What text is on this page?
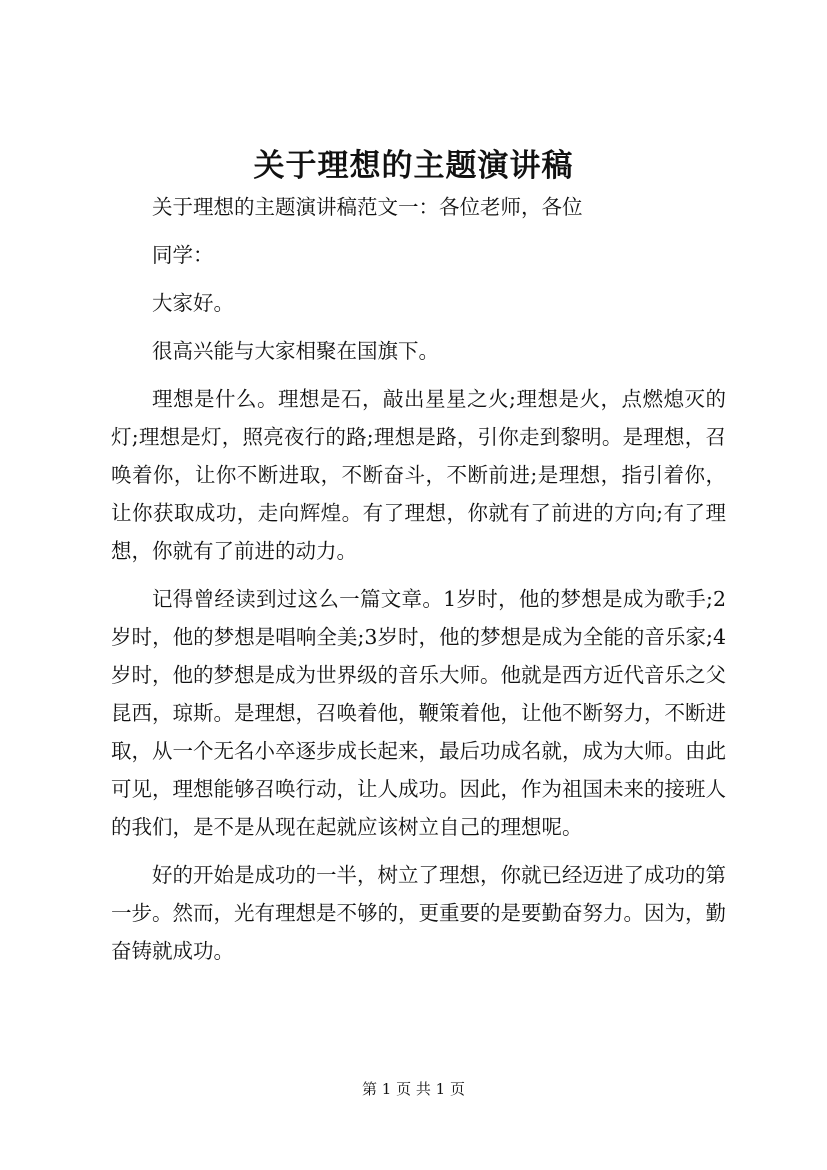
关于理想的主题演讲稿

关于理想的主题演讲稿范文一：各位老师，各位

同学：

大家好。

很高兴能与大家相聚在国旗下。

理想是什么。理想是石，敲出星星之火;理想是火，点燃熄灭的灯;理想是灯，照亮夜行的路;理想是路，引你走到黎明。是理想，召唤着你，让你不断进取，不断奋斗，不断前进;是理想，指引着你，让你获取成功，走向辉煌。有了理想，你就有了前进的方向;有了理想，你就有了前进的动力。

记得曾经读到过这么一篇文章。1岁时，他的梦想是成为歌手;2岁时，他的梦想是唱响全美;3岁时，他的梦想是成为全能的音乐家;4岁时，他的梦想是成为世界级的音乐大师。他就是西方近代音乐之父昆西，琼斯。是理想，召唤着他，鞭策着他，让他不断努力，不断进取，从一个无名小卒逐步成长起来，最后功成名就，成为大师。由此可见，理想能够召唤行动，让人成功。因此，作为祖国未来的接班人的我们，是不是从现在起就应该树立自己的理想呢。

好的开始是成功的一半，树立了理想，你就已经迈进了成功的第一步。然而，光有理想是不够的，更重要的是要勤奋努力。因为，勤奋铸就成功。

第 1 页 共 1 页
